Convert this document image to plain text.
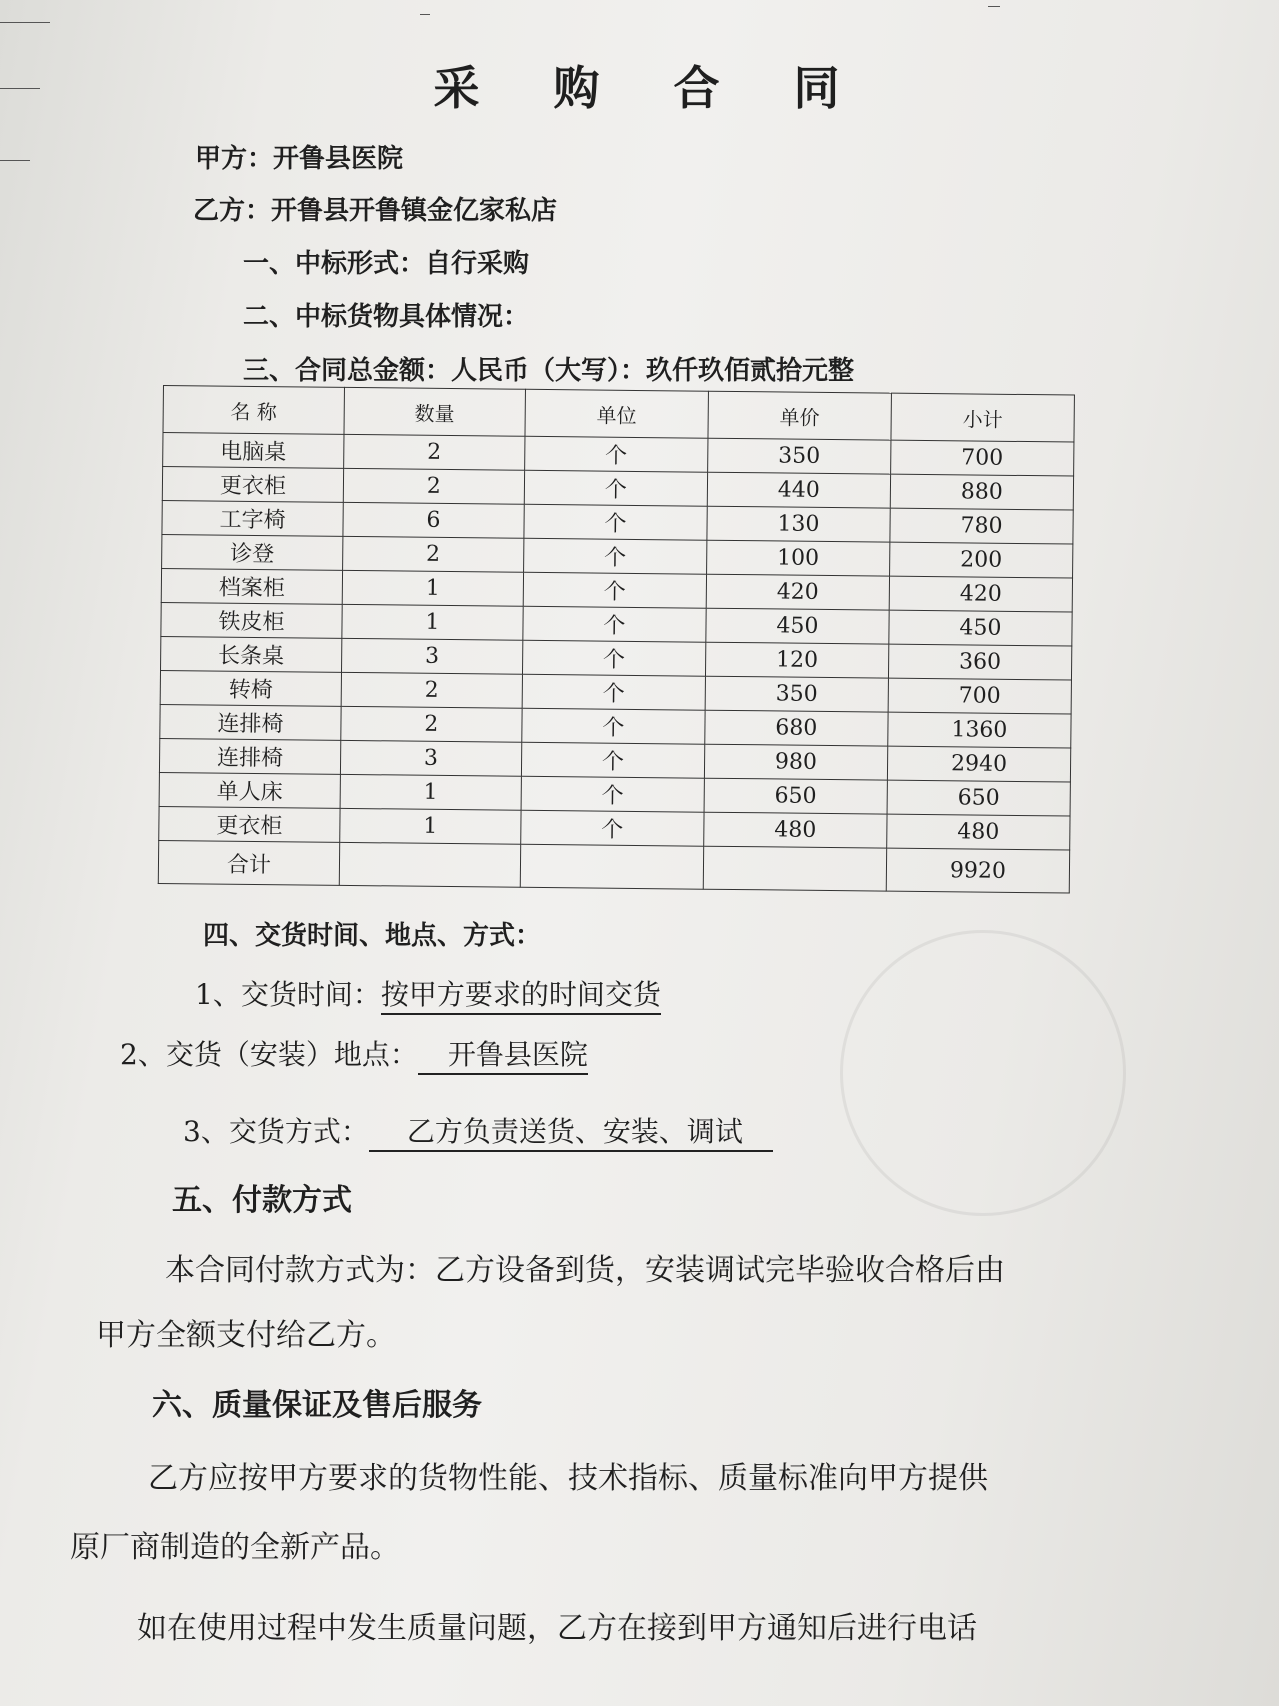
采 购 合 同
甲方：开鲁县医院
乙方：开鲁县开鲁镇金亿家私店
一、中标形式：自行采购
二、中标货物具体情况：
三、合同总金额：人民币（大写）：玖仟玖佰贰拾元整
名 称	数量	单位	单价	小计
电脑桌	2	个	350	700
更衣柜	2	个	440	880
工字椅	6	个	130	780
诊登	2	个	100	200
档案柜	1	个	420	420
铁皮柜	1	个	450	450
长条桌	3	个	120	360
转椅	2	个	350	700
连排椅	2	个	680	1360
连排椅	3	个	980	2940
单人床	1	个	650	650
更衣柜	1	个	480	480
合计				9920
四、交货时间、地点、方式：
1、交货时间：按甲方要求的时间交货
2、交货（安装）地点： 开鲁县医院
3、交货方式： 乙方负责送货、安装、调试
五、付款方式
本合同付款方式为：乙方设备到货，安装调试完毕验收合格后由
甲方全额支付给乙方。
六、质量保证及售后服务
乙方应按甲方要求的货物性能、技术指标、质量标准向甲方提供
原厂商制造的全新产品。
如在使用过程中发生质量问题，乙方在接到甲方通知后进行电话
